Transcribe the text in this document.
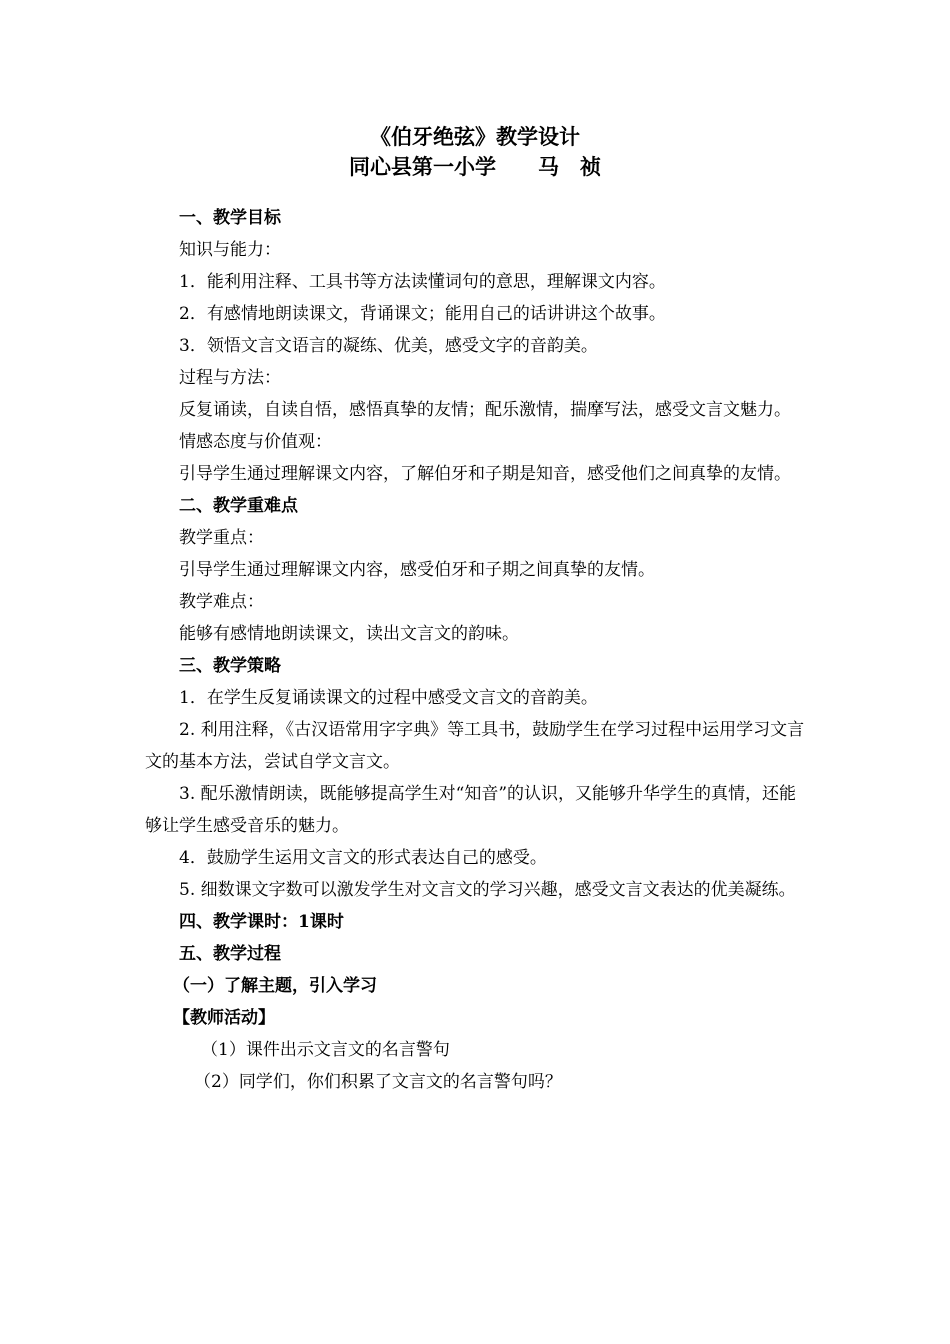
《伯牙绝弦》教学设计

同心县第一小学　　马　祯

一、教学目标

知识与能力：

1．能利用注释、工具书等方法读懂词句的意思，理解课文内容。

2．有感情地朗读课文，背诵课文；能用自己的话讲讲这个故事。

3．领悟文言文语言的凝练、优美，感受文字的音韵美。

过程与方法：

反复诵读，自读自悟，感悟真挚的友情；配乐激情，揣摩写法，感受文言文魅力。

情感态度与价值观：

引导学生通过理解课文内容，了解伯牙和子期是知音，感受他们之间真挚的友情。

二、教学重难点

教学重点：

引导学生通过理解课文内容，感受伯牙和子期之间真挚的友情。

教学难点：

能够有感情地朗读课文，读出文言文的韵味。

三、教学策略

1．在学生反复诵读课文的过程中感受文言文的音韵美。

2. 利用注释，《古汉语常用字字典》等工具书，鼓励学生在学习过程中运用学习文言文的基本方法，尝试自学文言文。

3. 配乐激情朗读，既能够提高学生对“知音”的认识，又能够升华学生的真情，还能够让学生感受音乐的魅力。

4．鼓励学生运用文言文的形式表达自己的感受。

5. 细数课文字数可以激发学生对文言文的学习兴趣，感受文言文表达的优美凝练。

四、教学课时：1课时

五、教学过程

（一）了解主题，引入学习

【教师活动】

（1）课件出示文言文的名言警句

（2）同学们，你们积累了文言文的名言警句吗？
